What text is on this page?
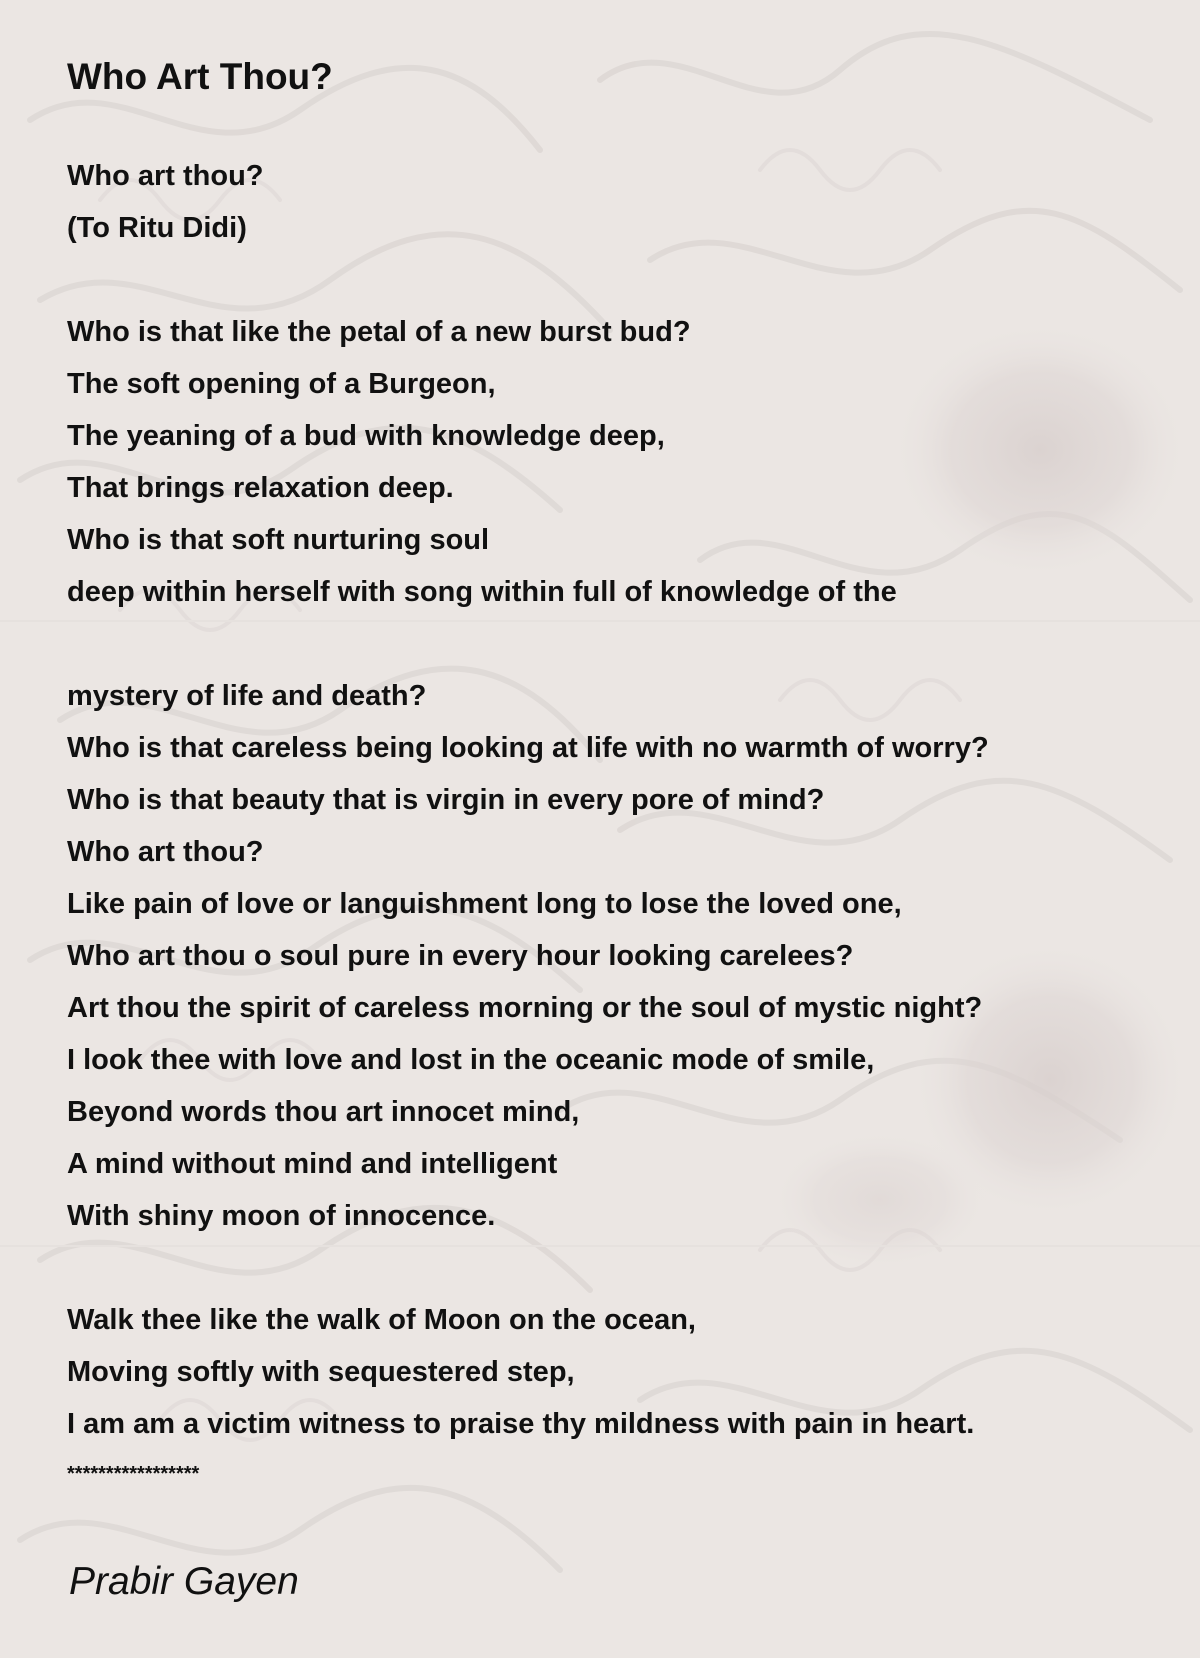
Who Art Thou?
Who art thou?
(To Ritu Didi)
Who is that like the petal of a new burst bud?
The soft opening of a Burgeon,
The yeaning of a bud with knowledge deep,
That brings relaxation deep.
Who is that soft nurturing soul
deep within herself with song within full of knowledge of the
mystery of life and death?
Who is that careless being looking at life with no warmth of worry?
Who is that beauty that is virgin in every pore of mind?
Who art thou?
Like pain of love or languishment long to lose the loved one,
Who art thou o soul pure in every hour looking carelees?
Art thou the spirit of careless morning or the soul of mystic night?
I look thee with love and lost in the oceanic mode of smile,
Beyond words thou art innocet mind,
A mind without mind and intelligent
With shiny moon of innocence.
Walk thee like the walk of Moon on the ocean,
Moving softly with sequestered step,
I am am a victim witness to praise thy mildness with pain in heart.
*****************

Prabir Gayen
